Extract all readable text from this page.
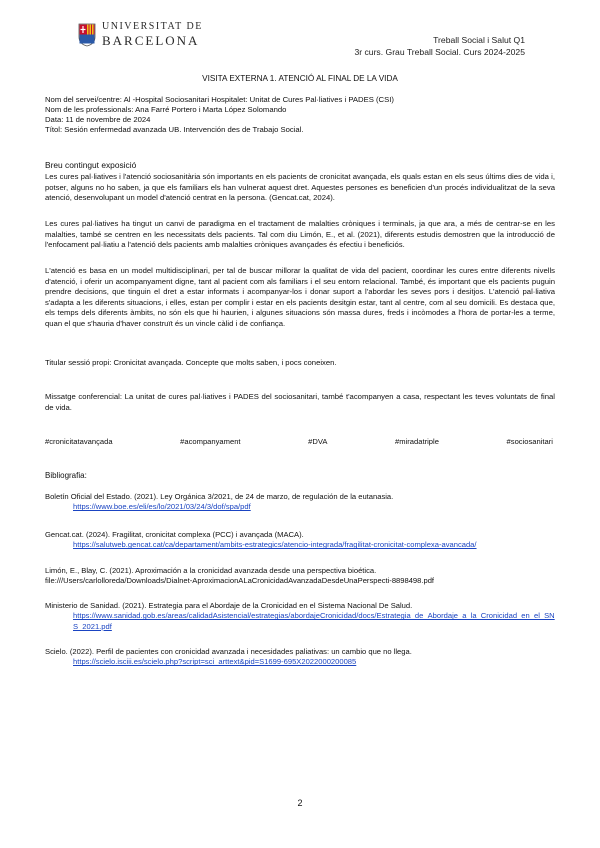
UNIVERSITAT DE
BARCELONA	Treball Social i Salut Q1
3r curs. Grau Treball Social. Curs 2024-2025
VISITA EXTERNA 1. ATENCIÓ AL FINAL DE LA VIDA
Nom del servei/centre: Al -Hospital Sociosanitari Hospitalet: Unitat de Cures Pal·liatives i PADES (CSI)
Nom de les professionals: Ana Farré Portero i Marta López Solomando
Data: 11 de novembre de 2024
Títol: Sesión enfermedad avanzada UB. Intervención des de Trabajo Social.
Breu contingut exposició
Les cures pal·liatives i l'atenció sociosanitària són importants en els pacients de cronicitat avançada, els quals estan en els seus últims dies de vida i, potser, alguns no ho saben, ja que els familiars els han vulnerat aquest dret. Aquestes persones es beneficien d'un procés individualitzat de la seva atenció, desenvolupant un model d'atenció centrat en la persona. (Gencat.cat, 2024).
Les cures pal·liatives ha tingut un canvi de paradigma en el tractament de malalties cròniques i terminals, ja que ara, a més de centrar-se en les malalties, també se centren en les necessitats dels pacients. Tal com diu Limón, E., et al. (2021), diferents estudis demostren que la introducció de l'enfocament pal·liatiu a l'atenció dels pacients amb malalties cròniques avançades és efectiu i beneficiós.
L'atenció es basa en un model multidisciplinari, per tal de buscar millorar la qualitat de vida del pacient, coordinar les cures entre diferents nivells d'atenció, i oferir un acompanyament digne, tant al pacient com als familiars i el seu entorn relacional. També, és important que els pacients puguin prendre decisions, que tinguin el dret a estar informats i acompanyar-los i donar suport a l'abordar les seves pors i desitjos. L'atenció pal·liativa s'adapta a les diferents situacions, i elles, estan per complir i estar en els pacients desitgin estar, tant al centre, com al seu domicili. Es destaca que, els temps dels diferents àmbits, no són els que hi haurien, i algunes situacions són massa dures, freds i incòmodes a l'hora de portar-les a terme, quan el que s'hauria d'haver construït és un vincle càlid i de confiança.
Titular sessió propi: Cronicitat avançada. Concepte que molts saben, i pocs coneixen.
Missatge conferencial: La unitat de cures pal·liatives i PADES del sociosanitari, també t'acompanyen a casa, respectant les teves voluntats de final de vida.
#cronicitatavançada	#acompanyament	#DVA	#miradatriple	#sociosanitari
Bibliografia:
Boletín Oficial del Estado. (2021). Ley Orgánica 3/2021, de 24 de marzo, de regulación de la eutanasia.
https://www.boe.es/eli/es/lo/2021/03/24/3/dof/spa/pdf
Gencat.cat. (2024). Fragilitat, cronicitat complexa (PCC) i avançada (MACA).
https://salutweb.gencat.cat/ca/departament/ambits-estrategics/atencio-integrada/fragilitat-cronicitat-complexa-avancada/
Limón, E., Blay, C. (2021). Aproximación a la cronicidad avanzada desde una perspectiva bioética.
file:///Users/carlolloreda/Downloads/Dialnet-AproximacionALaCronicidadAvanzadaDesdeUnaPerspecti-8898498.pdf
Ministerio de Sanidad. (2021). Estrategia para el Abordaje de la Cronicidad en el Sistema Nacional De Salud.
https://www.sanidad.gob.es/areas/calidadAsistencial/estrategias/abordajeCronicidad/docs/Estrategia_de_Abordaje_a_la_Cronicidad_en_el_SNS_2021.pdf
Scielo. (2022). Perfil de pacientes con cronicidad avanzada i necesidades paliativas: un cambio que no llega.
https://scielo.isciii.es/scielo.php?script=sci_arttext&pid=S1699-695X2022000200085
2
